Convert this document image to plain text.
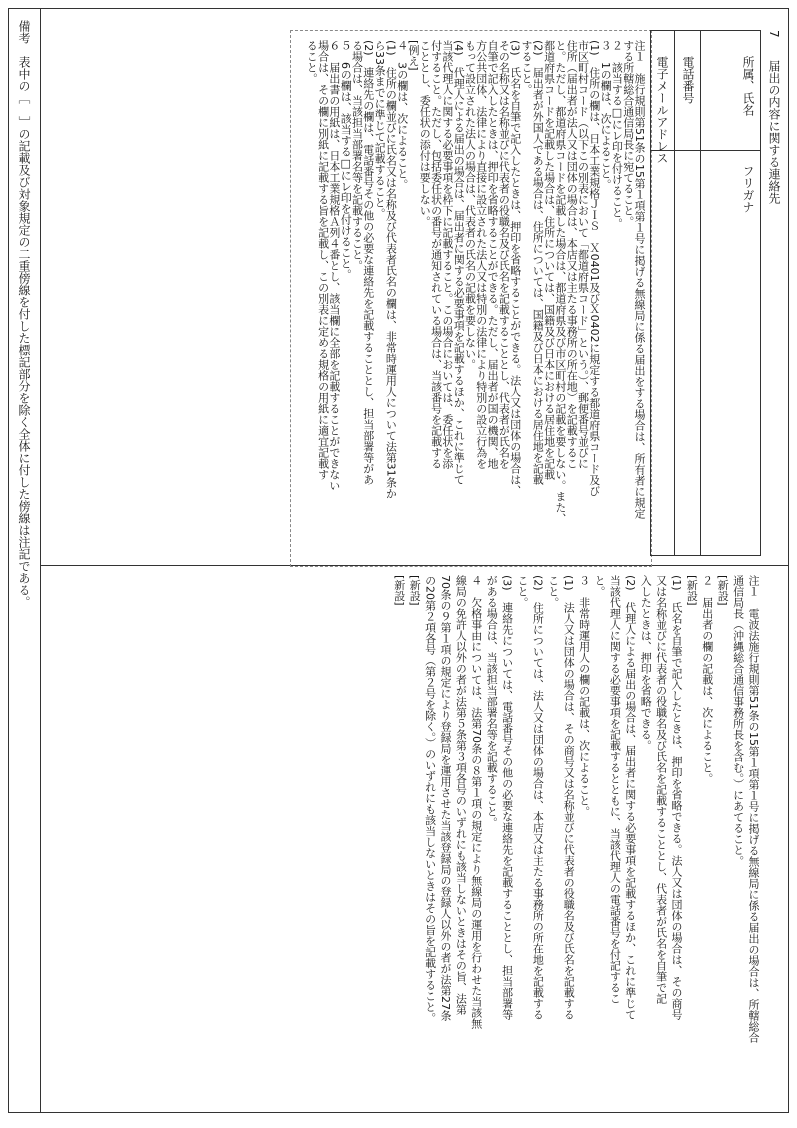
7
届出の内容に関する連絡先
所属、氏名
フリガナ
電話番号
電子メールアドレス
注１　施行規則第51条の15第１項第１号に掲げる無線局に係る届出をする場合は、所有者に規定
する所轄総合通信局長に宛てること。
２　該当する□にレ印を付けること。
３　1の欄は、次によること。
(1)　住所の欄は、日本工業規格ＪＩＳ　Ｘ0401及びＸ0402に規定する都道府県コード及び
市区町村コード（以下この別表において「都道府県コード」という。）、郵便番号並びに
住所（届出者が法人又は団体の場合は、本店又は主たる事務所の所在地）を記載するこ
と。ただし、都道府県コードを記載した場合は、都道府県及び市区町村の記載を要しない。また、
都道府県コードを記載した場合は、住所については、国籍及び日本における居住地を記載
(2)　届出者が外国人である場合は、住所については、国籍及び日本における居住地を記載
すること。
(3)　氏名を自筆で記入したときは、押印を省略することができる。法人又は団体の場合は、
その名称又は名称並びに代表者の役職名及び氏名を記載することとし、代表者が氏名を
自筆で記入したときは、押印を省略することができる。ただし、届出者が国の機関、地
方公共団体、法律により直接に設立された法人又は特別の法律により特別の設立行為を
もって設立された法人の場合は、代表者の氏名の記載を要しない。
(4)　代理人による届出の場合は、届出者に関する必要事項を記載するほか、これに準じて
当該代理人に関する必要事項を枠下に記載すること。この場合においては、委任状を添
付すること。ただし、包括委任状の番号が通知されている場合は、当該番号を記載する
こととし、委任状の添付は要しない。
[例え]
４　3の欄は、次によること。
(1)　住所の欄並びに氏名又は名称及び代表者氏名の欄は、非常時運用人について法第31条か
ら33条までに準じて記載すること。
(2)　連絡先の欄は、電話番号その他の必要な連絡先を記載することとし、担当部署等があ
る場合は、当該担当部署名等を記載すること。
５　6の欄は、該当する□にレ印を付けること。
６　届出書の用紙は、日本工業規格Ａ列４番とし、該当欄に全部を記載することができない
場合は、その欄に別紙に記載する旨を記載し、この別表に定める規格の用紙に適宜記載す
ること。
注１　電波法施行規則第51条の15第１項第１号に掲げる無線局に係る届出の場合は、所轄総合
通信局長（沖縄総合通信事務所長を含む。）にあてること。
[新設]
２　届出者の欄の記載は、次によること。
[新設]
(1)　氏名を自筆で記入したときは、押印を省略できる。法人又は団体の場合は、その商号
又は名称並びに代表者の役職名及び氏名を記載することとし、代表者が氏名を自筆で記
入したときは、押印を省略できる。
(2)　代理人による届出の場合は、届出者に関する必要事項を記載するほか、これに準じて
当該代理人に関する必要事項を記載するとともに、当該代理人の電話番号を付記するこ
と。
３　非常時運用人の欄の記載は、次によること。
(1)　法人又は団体の場合は、その商号又は名称並びに代表者の役職名及び氏名を記載する
こと。
(2)　住所については、法人又は団体の場合は、本店又は主たる事務所の所在地を記載する
こと。
(3)　連絡先については、電話番号その他の必要な連絡先を記載することとし、担当部署等
がある場合は、当該担当部署名等を記載すること。
４　欠格事由については、法第70条の８第１項の規定により無線局の運用を行わせた当該無
線局の免許人以外の者が法第５条第３項各号のいずれにも該当しないときはその旨、法第
70条の９第１項の規定により登録局を運用させた当該登録局の登録人以外の者が法第27条
の20第２項各号（第２号を除く。）のいずれにも該当しないときはその旨を記載すること。
[新設]
[新設]
備考　表中の［　］の記載及び対象規定の二重傍線を付した標記部分を除く全体に付した傍線は注記である。
